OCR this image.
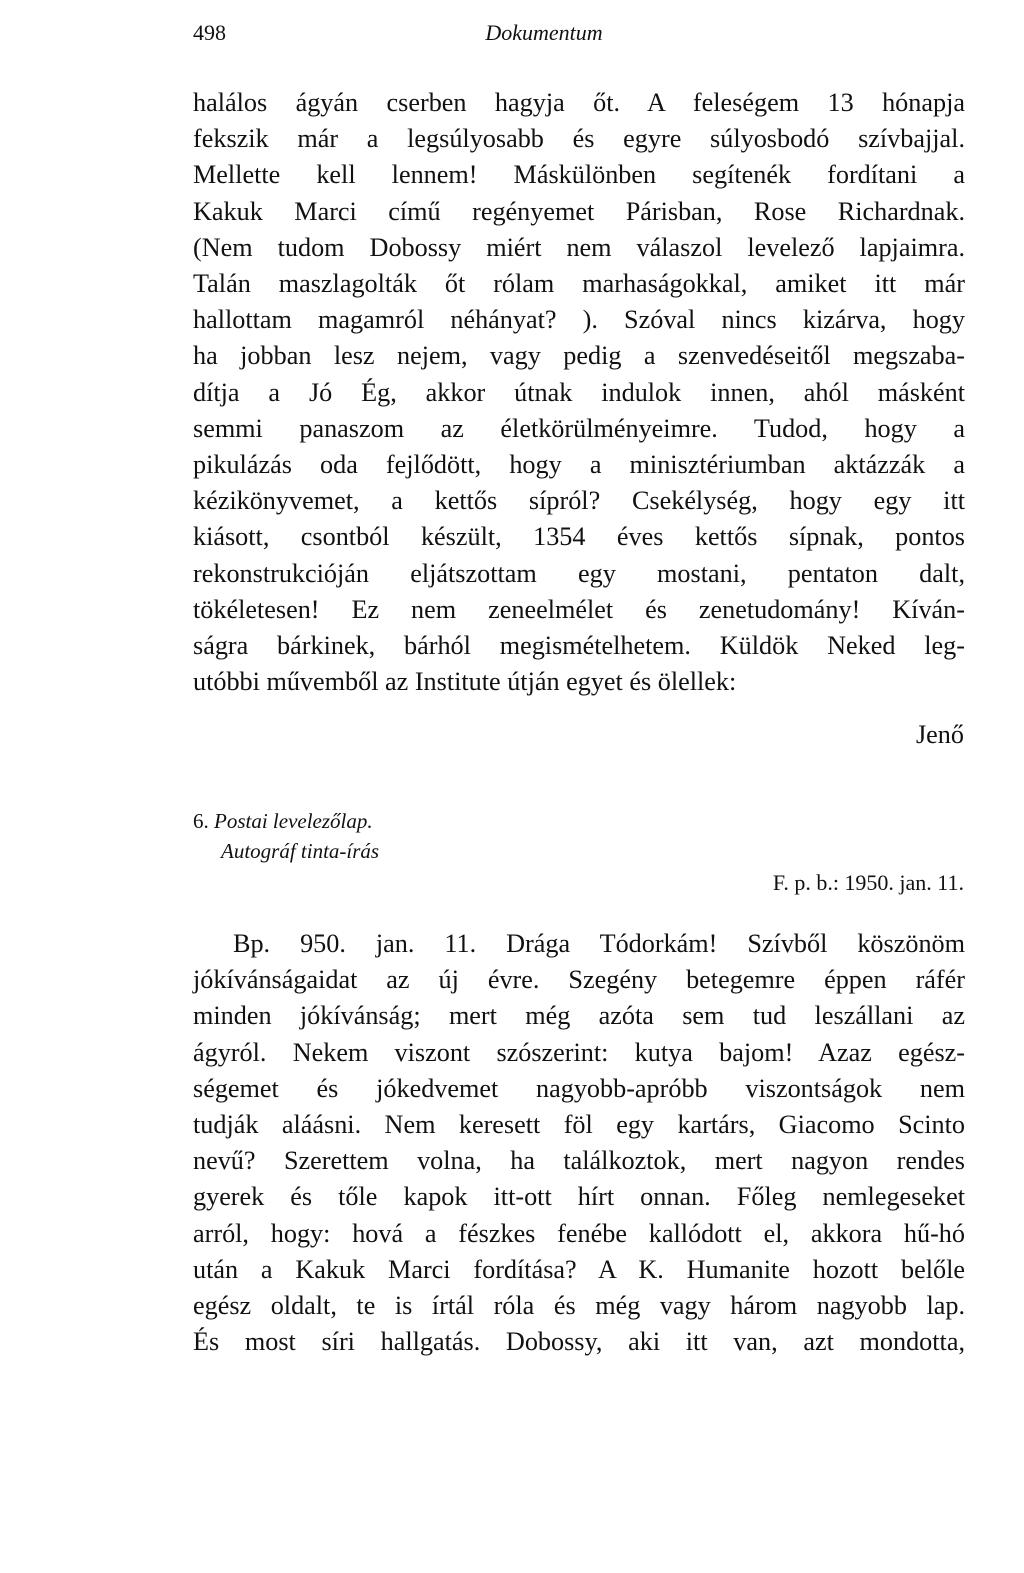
498	Dokumentum
halálos ágyán cserben hagyja őt. A feleségem 13 hónapja
fekszik már a legsúlyosabb és egyre súlyosbodó szívbajjal.
Mellette kell lennem! Máskülönben segítenék fordítani a
Kakuk Marci című regényemet Párisban, Rose Richardnak.
(Nem tudom Dobossy miért nem válaszol levelező lapjaimra.
Talán maszlagolták őt rólam marhaságokkal, amiket itt már
hallottam magamról néhányat? ). Szóval nincs kizárva, hogy
ha jobban lesz nejem, vagy pedig a szenvedéseitől megszaba-
dítja a Jó Ég, akkor útnak indulok innen, ahól másként
semmi panaszom az életkörülményeimre. Tudod, hogy a
pikulázás oda fejlődött, hogy a minisztériumban aktázzák a
kézikönyvemet, a kettős sípról? Csekélység, hogy egy itt
kiásott, csontból készült, 1354 éves kettős sípnak, pontos
rekonstrukcióján eljátszottam egy mostani, pentaton dalt,
tökéletesen! Ez nem zeneelmélet és zenetudomány! Kíván-
ságra bárkinek, bárhól megismételhetem. Küldök Neked leg-
utóbbi művemből az Institute útján egyet és ölellek:
Jenő
6. Postai levelezőlap.
Autográf tinta-írás
F. p. b.: 1950. jan. 11.
Bp. 950. jan. 11. Drága Tódorkám! Szívből köszönöm
jókívánságaidat az új évre. Szegény betegemre éppen ráfér
minden jókívánság; mert még azóta sem tud leszállani az
ágyról. Nekem viszont szószerint: kutya bajom! Azaz egész-
ségemet és jókedvemet nagyobb-apróbb viszontságok nem
tudják aláásni. Nem keresett föl egy kartárs, Giacomo Scinto
nevű? Szerettem volna, ha találkoztok, mert nagyon rendes
gyerek és tőle kapok itt-ott hírt onnan. Főleg nemlegeseket
arról, hogy: hová a fészkes fenébe kallódott el, akkora hű-hó
után a Kakuk Marci fordítása? A K. Humanite hozott belőle
egész oldalt, te is írtál róla és még vagy három nagyobb lap.
És most síri hallgatás. Dobossy, aki itt van, azt mondotta,
